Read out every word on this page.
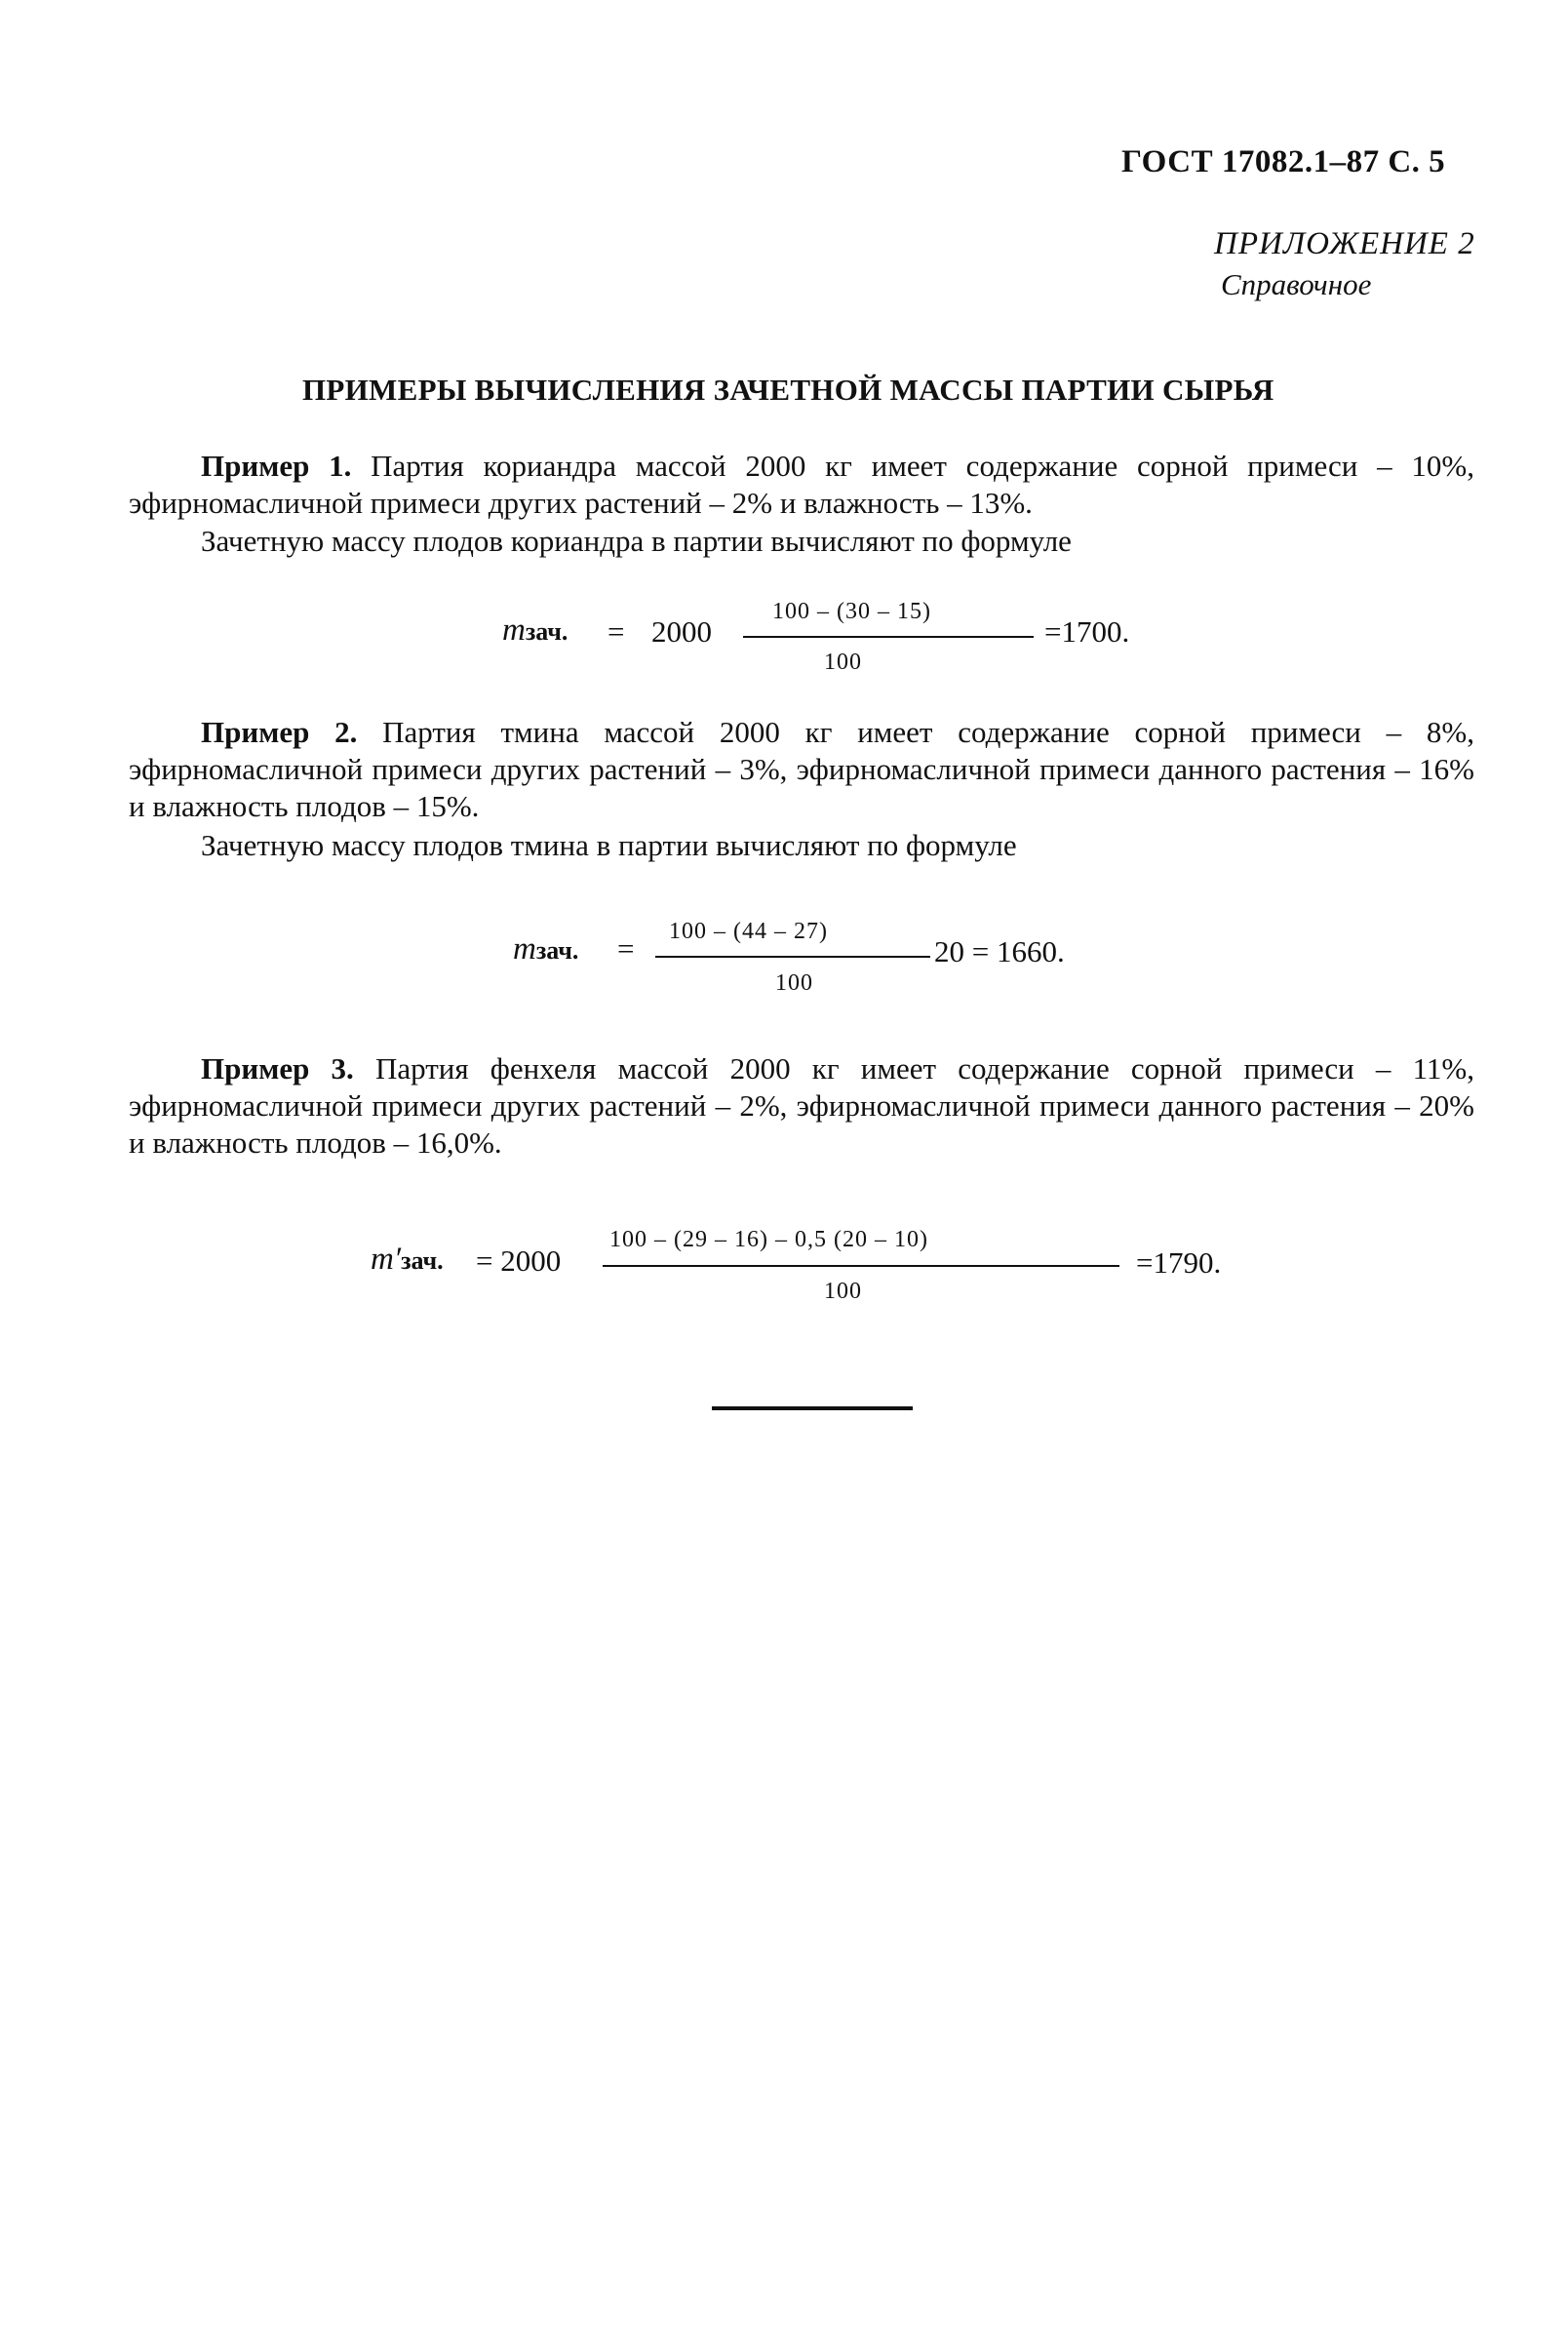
ГОСТ 17082.1–87 С. 5
ПРИЛОЖЕНИЕ 2
Справочное
ПРИМЕРЫ ВЫЧИСЛЕНИЯ ЗАЧЕТНОЙ МАССЫ ПАРТИИ СЫРЬЯ
Пример 1. Партия кориандра массой 2000 кг имеет содержание сорной примеси – 10%, эфирномасличной примеси других растений – 2% и влажность – 13%.
Зачетную массу плодов кориандра в партии вычисляют по формуле
mзач. = 2000
100 – (30 – 15)
100
=1700.
Пример 2. Партия тмина массой 2000 кг имеет содержание сорной примеси – 8%, эфирномасличной примеси других растений – 3%, эфирномасличной примеси данного растения – 16% и влажность плодов – 15%.
Зачетную массу плодов тмина в партии вычисляют по формуле
mзач. = 100 – (44 – 27)
100
20 = 1660.
Пример 3. Партия фенхеля массой 2000 кг имеет содержание сорной примеси – 11%, эфирномасличной примеси других растений – 2%, эфирномасличной примеси данного растения – 20% и влажность плодов – 16,0%.
m′зач. = 2000
100 – (29 – 16) – 0,5 (20 – 10)
100
=1790.
